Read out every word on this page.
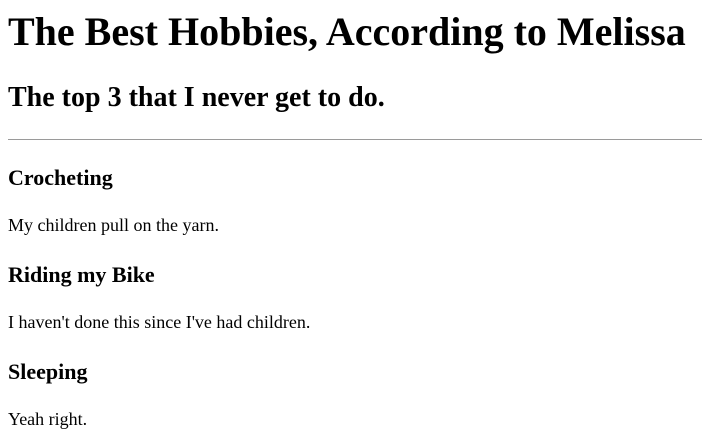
The Best Hobbies, According to Melissa
The top 3 that I never get to do.
Crocheting

My children pull on the yarn.

Riding my Bike

I haven't done this since I've had children.

Sleeping

Yeah right.
